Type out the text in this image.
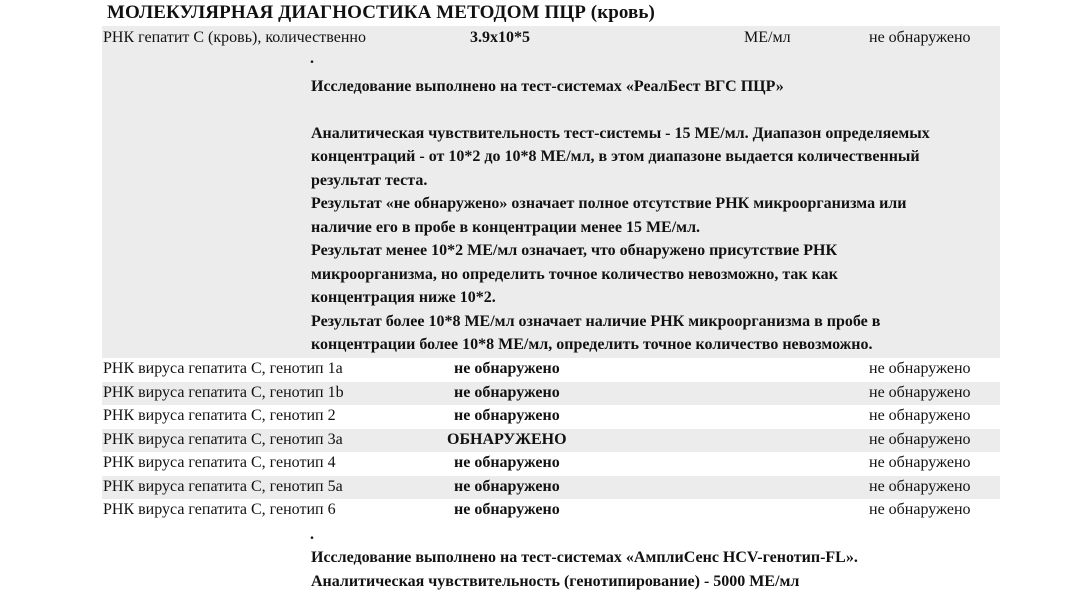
МОЛЕКУЛЯРНАЯ ДИАГНОСТИКА МЕТОДОМ ПЦР (кровь)
РНК гепатит С (кровь), количественно	3.9x10*5	МЕ/мл	не обнаружено
.

Исследование выполнено на тест-системах «РеалБест ВГС ПЦР»

Аналитическая чувствительность тест-системы - 15 МЕ/мл. Диапазон определяемых

концентраций - от 10*2 до 10*8 МЕ/мл, в этом диапазоне выдается количественный

результат теста.

Результат «не обнаружено» означает полное отсутствие РНК микроорганизма или

наличие его в пробе в концентрации менее 15 МЕ/мл.

Результат менее 10*2 МЕ/мл означает, что обнаружено присутствие РНК

микроорганизма, но определить точное количество невозможно, так как

концентрация ниже 10*2.

Результат более 10*8 МЕ/мл означает наличие РНК микроорганизма в пробе в

концентрации более 10*8 МЕ/мл, определить точное количество невозможно.

РНК вируса гепатита С, генотип 1a	не обнаружено	не обнаружено
РНК вируса гепатита С, генотип 1b	не обнаружено	не обнаружено
РНК вируса гепатита С, генотип 2	не обнаружено	не обнаружено
РНК вируса гепатита С, генотип 3a	ОБНАРУЖЕНО	не обнаружено
РНК вируса гепатита С, генотип 4	не обнаружено	не обнаружено
РНК вируса гепатита С, генотип 5a	не обнаружено	не обнаружено
РНК вируса гепатита С, генотип 6	не обнаружено	не обнаружено
.

Исследование выполнено на тест-системах «АмплиСенс HCV-генотип-FL».

Аналитическая чувствительность (генотипирование) - 5000 МЕ/мл
